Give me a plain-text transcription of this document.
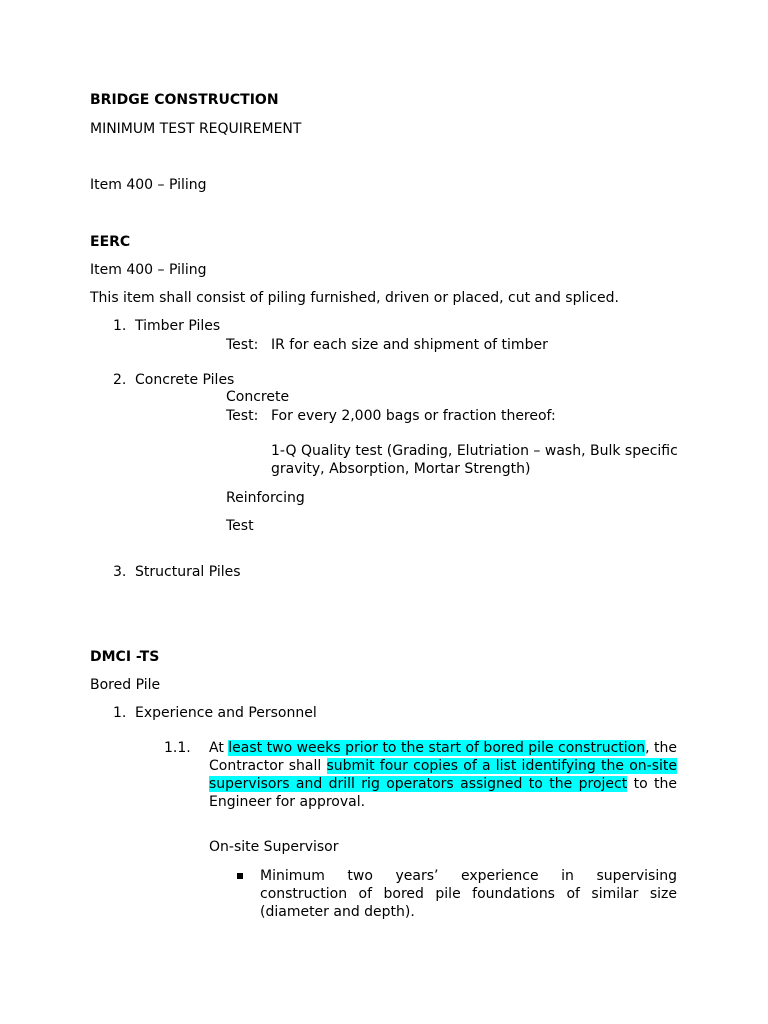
BRIDGE CONSTRUCTION
MINIMUM TEST REQUIREMENT
Item 400 – Piling
EERC
Item 400 – Piling
This item shall consist of piling furnished, driven or placed, cut and spliced.
1. Timber Piles
Test: IR for each size and shipment of timber
2. Concrete Piles
Concrete
Test: For every 2,000 bags or fraction thereof:
1-Q Quality test (Grading, Elutriation – wash, Bulk specific
gravity, Absorption, Mortar Strength)
Reinforcing
Test
3. Structural Piles
DMCI -TS
Bored Pile
1. Experience and Personnel
1.1. At least two weeks prior to the start of bored pile construction, the Contractor shall submit four copies of a list identifying the on-site supervisors and drill rig operators assigned to the project to the Engineer for approval.
On-site Supervisor
Minimum two years’ experience in supervising construction of bored pile foundations of similar size (diameter and depth).
